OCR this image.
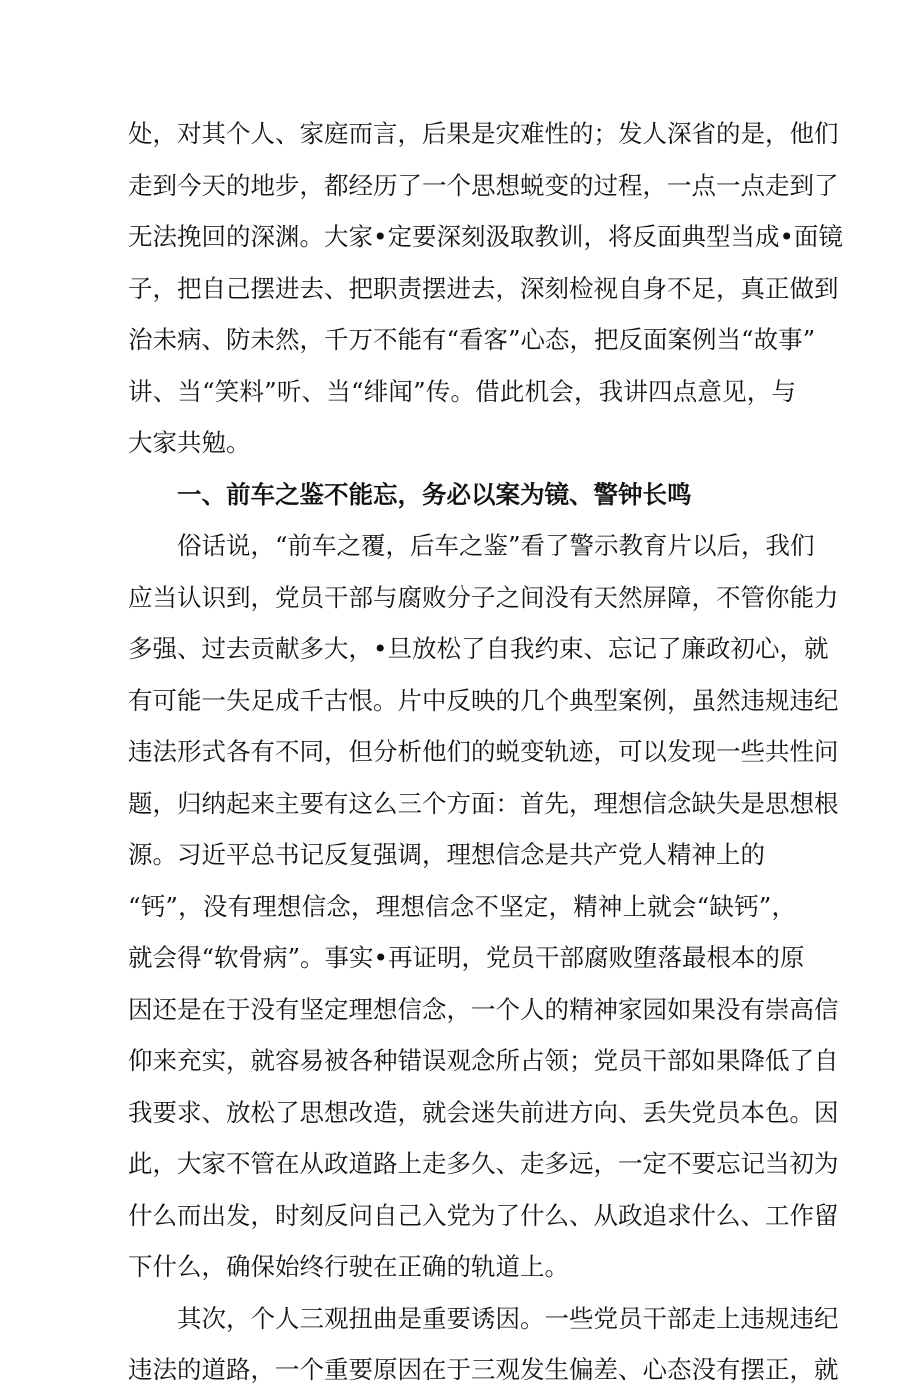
处，对其个人、家庭而言，后果是灾难性的；发人深省的是，他们
走到今天的地步，都经历了一个思想蜕变的过程，一点一点走到了
无法挽回的深渊。大家•定要深刻汲取教训，将反面典型当成•面镜
子，把自己摆进去、把职责摆进去，深刻检视自身不足，真正做到
治未病、防未然，千万不能有“看客”心态，把反面案例当“故事”
讲、当“笑料”听、当“绯闻”传。借此机会，我讲四点意见，与
大家共勉。
一、前车之鉴不能忘，务必以案为镜、警钟长鸣
俗话说，“前车之覆，后车之鉴”看了警示教育片以后，我们
应当认识到，党员干部与腐败分子之间没有天然屏障，不管你能力
多强、过去贡献多大，•旦放松了自我约束、忘记了廉政初心，就
有可能一失足成千古恨。片中反映的几个典型案例，虽然违规违纪
违法形式各有不同，但分析他们的蜕变轨迹，可以发现一些共性问
题，归纳起来主要有这么三个方面：首先，理想信念缺失是思想根
源。习近平总书记反复强调，理想信念是共产党人精神上的
“钙”，没有理想信念，理想信念不坚定，精神上就会“缺钙”，
就会得“软骨病”。事实•再证明，党员干部腐败堕落最根本的原
因还是在于没有坚定理想信念，一个人的精神家园如果没有崇高信
仰来充实，就容易被各种错误观念所占领；党员干部如果降低了自
我要求、放松了思想改造，就会迷失前进方向、丢失党员本色。因
此，大家不管在从政道路上走多久、走多远，一定不要忘记当初为
什么而出发，时刻反问自己入党为了什么、从政追求什么、工作留
下什么，确保始终行驶在正确的轨道上。
其次，个人三观扭曲是重要诱因。一些党员干部走上违规违纪
违法的道路，一个重要原因在于三观发生偏差、心态没有摆正，就
